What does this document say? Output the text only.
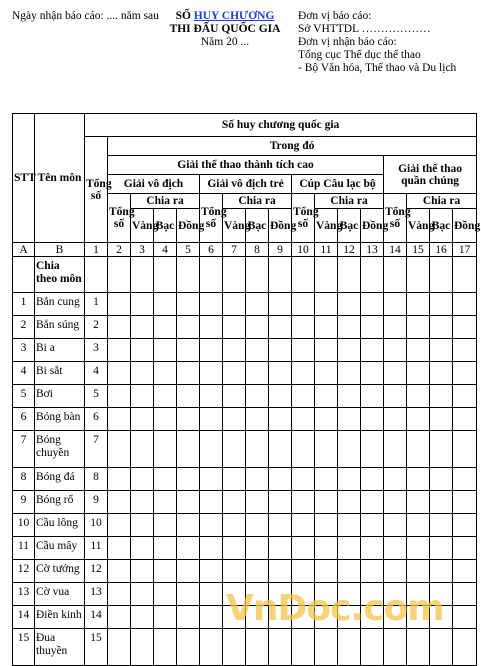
Ngày nhận báo cáo: .... năm sau	SỐ HUY CHƯƠNG
THI ĐẤU QUỐC GIA
Năm 20 ...
Đơn vị báo cáo:
Sở VHTTDL ………………
Đơn vị nhận báo cáo:
Tổng cục Thể dục thể thao
- Bộ Văn hóa, Thể thao và Du lịch
STT	Tên môn	Số huy chương quốc gia																
		Tổng số	Trong đó															
			Giải thể thao thành tích cao												Giải thể thao quần chúng			
			Giải vô địch				Giải vô địch trẻ				Cúp Câu lạc bộ							
			Tổng số	Chia ra			Tổng số	Chia ra			Tổng số	Chia ra			Tổng số	Chia ra		
				Vàng	Bạc	Đồng		Vàng	Bạc	Đồng		Vàng	Bạc	Đồng		Vàng	Bạc	Đồng
A	B	1	2	3	4	5	6	7	8	9	10	11	12	13	14	15	16	17
	Chia theo môn																	
1	Bắn cung	1																
2	Bắn súng	2																
3	Bi a	3																
4	Bi sắt	4																
5	Bơi	5																
6	Bóng bàn	6																
7	Bóng chuyền	7																
8	Bóng đá	8																
9	Bóng rổ	9																
10	Cầu lông	10																
11	Cầu mây	11																
12	Cờ tướng	12																
13	Cờ vua	13																
14	Điền kinh	14																
15	Đua thuyền	15																
VnDoc.com
